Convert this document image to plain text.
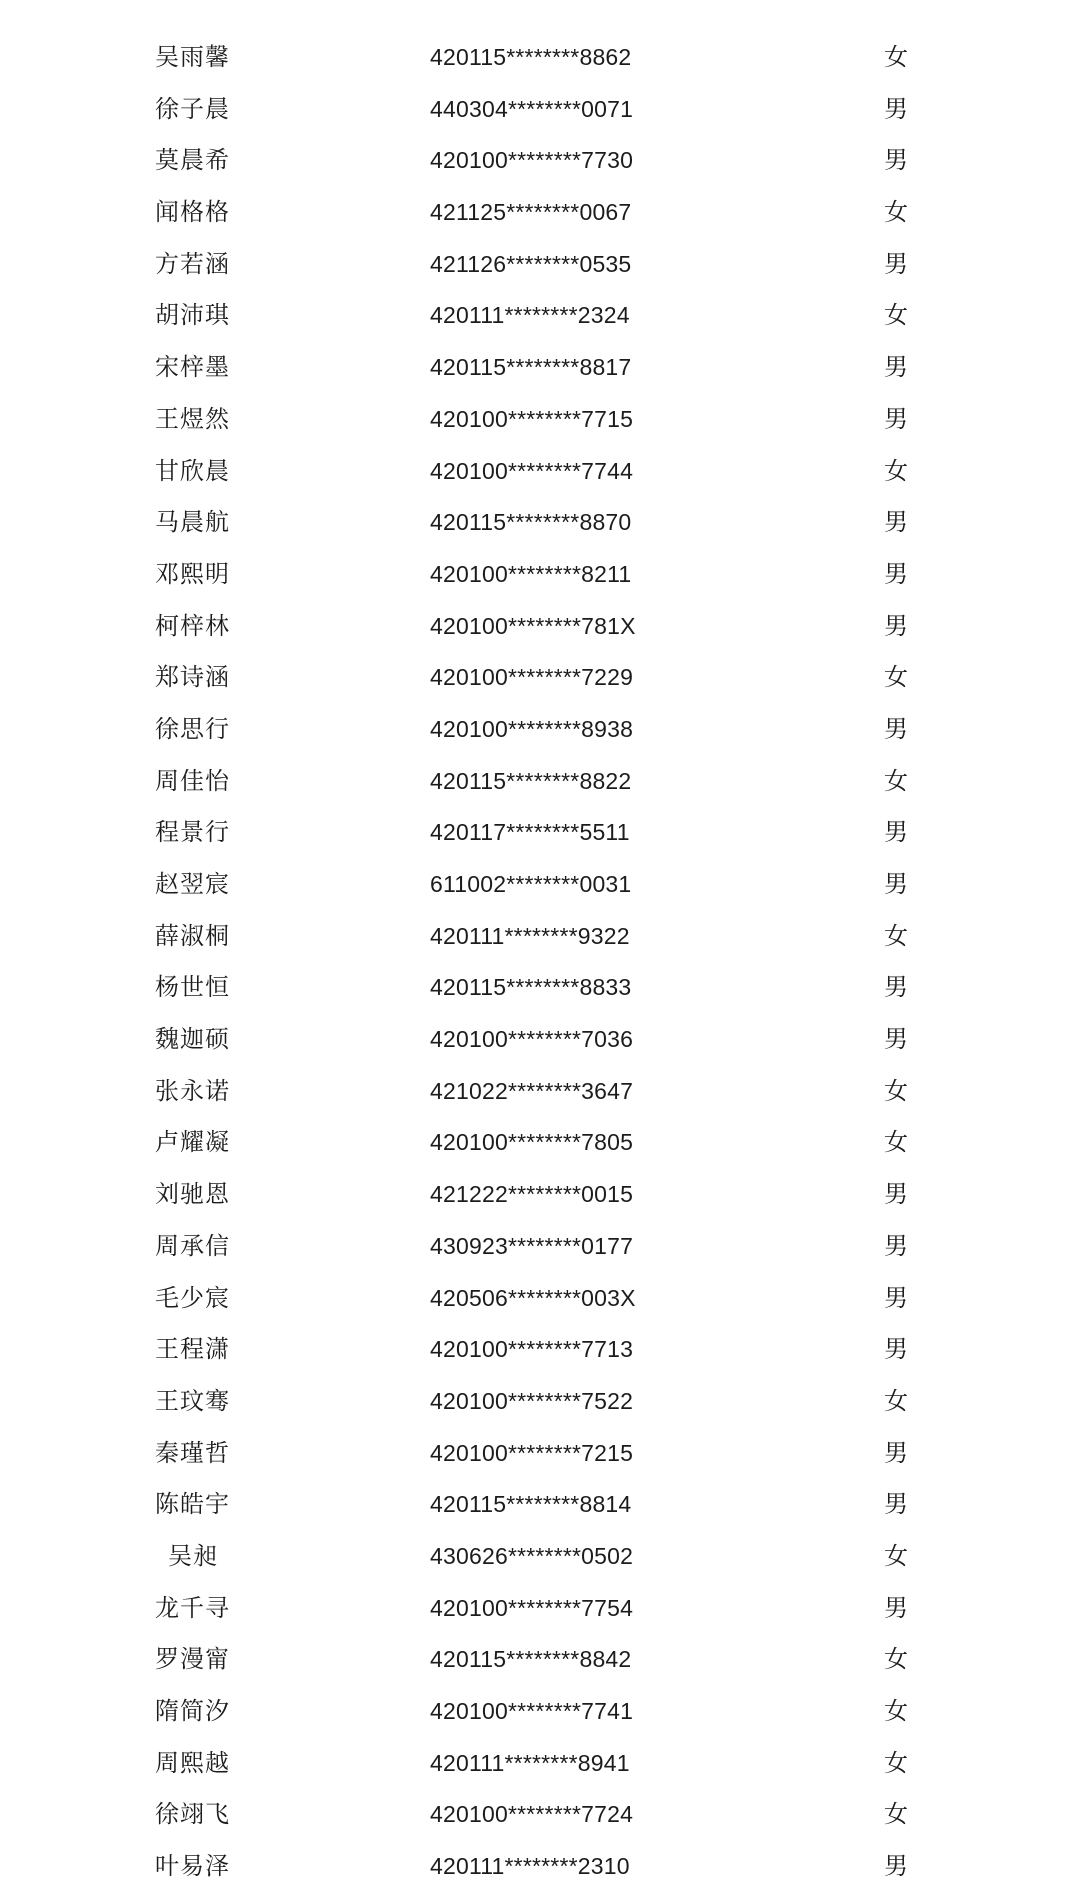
吴雨馨	420115********8862	女
徐子晨	440304********0071	男
莫晨希	420100********7730	男
闻格格	421125********0067	女
方若涵	421126********0535	男
胡沛琪	420111********2324	女
宋梓墨	420115********8817	男
王煜然	420100********7715	男
甘欣晨	420100********7744	女
马晨航	420115********8870	男
邓熙明	420100********8211	男
柯梓林	420100********781X	男
郑诗涵	420100********7229	女
徐思行	420100********8938	男
周佳怡	420115********8822	女
程景行	420117********5511	男
赵翌宸	611002********0031	男
薛淑桐	420111********9322	女
杨世恒	420115********8833	男
魏迦硕	420100********7036	男
张永诺	421022********3647	女
卢耀凝	420100********7805	女
刘驰恩	421222********0015	男
周承信	430923********0177	男
毛少宸	420506********003X	男
王程潇	420100********7713	男
王玟骞	420100********7522	女
秦瑾哲	420100********7215	男
陈皓宇	420115********8814	男
吴昶	430626********0502	女
龙千寻	420100********7754	男
罗漫甯	420115********8842	女
隋简汐	420100********7741	女
周熙越	420111********8941	女
徐翊飞	420100********7724	女
叶易泽	420111********2310	男
